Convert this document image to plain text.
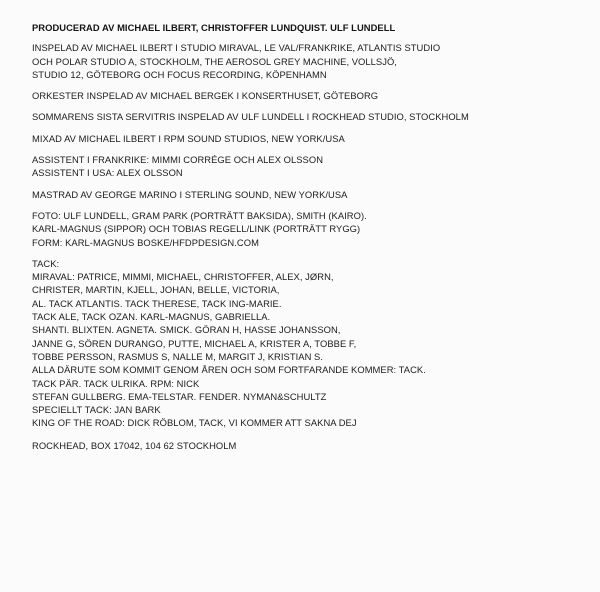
PRODUCERAD AV MICHAEL ILBERT, CHRISTOFFER LUNDQUIST. ULF LUNDELL
INSPELAD AV MICHAEL ILBERT I STUDIO MIRAVAL, LE VAL/FRANKRIKE, ATLANTIS STUDIO
OCH POLAR STUDIO A, STOCKHOLM, THE AEROSOL GREY MACHINE, VOLLSJÖ,
STUDIO 12, GÖTEBORG OCH FOCUS RECORDING, KÖPENHAMN
ORKESTER INSPELAD AV MICHAEL BERGEK I KONSERTHUSET, GÖTEBORG
SOMMARENS SISTA SERVITRIS INSPELAD AV ULF LUNDELL I ROCKHEAD STUDIO, STOCKHOLM
MIXAD AV MICHAEL ILBERT I RPM SOUND STUDIOS, NEW YORK/USA
ASSISTENT I FRANKRIKE: MIMMI CORRÉGE OCH ALEX OLSSON
ASSISTENT I USA: ALEX OLSSON
MASTRAD AV GEORGE MARINO I STERLING SOUND, NEW YORK/USA
FOTO: ULF LUNDELL, GRAM PARK (PORTRÄTT BAKSIDA), SMITH (KAIRO).
KARL-MAGNUS (SIPPOR) OCH TOBIAS REGELL/LINK (PORTRÄTT RYGG)
FORM: KARL-MAGNUS BOSKE/HFDPDESIGN.COM
TACK:
MIRAVAL: PATRICE, MIMMI, MICHAEL, CHRISTOFFER, ALEX, JØRN,
CHRISTER, MARTIN, KJELL, JOHAN, BELLE, VICTORIA,
AL. TACK ATLANTIS. TACK THERESE, TACK ING-MARIE.
TACK ALE, TACK OZAN. KARL-MAGNUS, GABRIELLA.
SHANTI. BLIXTEN. AGNETA. SMICK. GÖRAN H, HASSE JOHANSSON,
JANNE G, SÖREN DURANGO, PUTTE, MICHAEL A, KRISTER A, TOBBE F,
TOBBE PERSSON, RASMUS S, NALLE M, MARGIT J, KRISTIAN S.
ALLA DÄRUTE SOM KOMMIT GENOM ÅREN OCH SOM FORTFARANDE KOMMER: TACK.
TACK PÄR. TACK ULRIKA. RPM: NICK
STEFAN GULLBERG. EMA-TELSTAR. FENDER. NYMAN&SCHULTZ
SPECIELLT TACK: JAN BARK
KING OF THE ROAD: DICK RÖBLOM, TACK, VI KOMMER ATT SAKNA DEJ
ROCKHEAD, BOX 17042, 104 62 STOCKHOLM
